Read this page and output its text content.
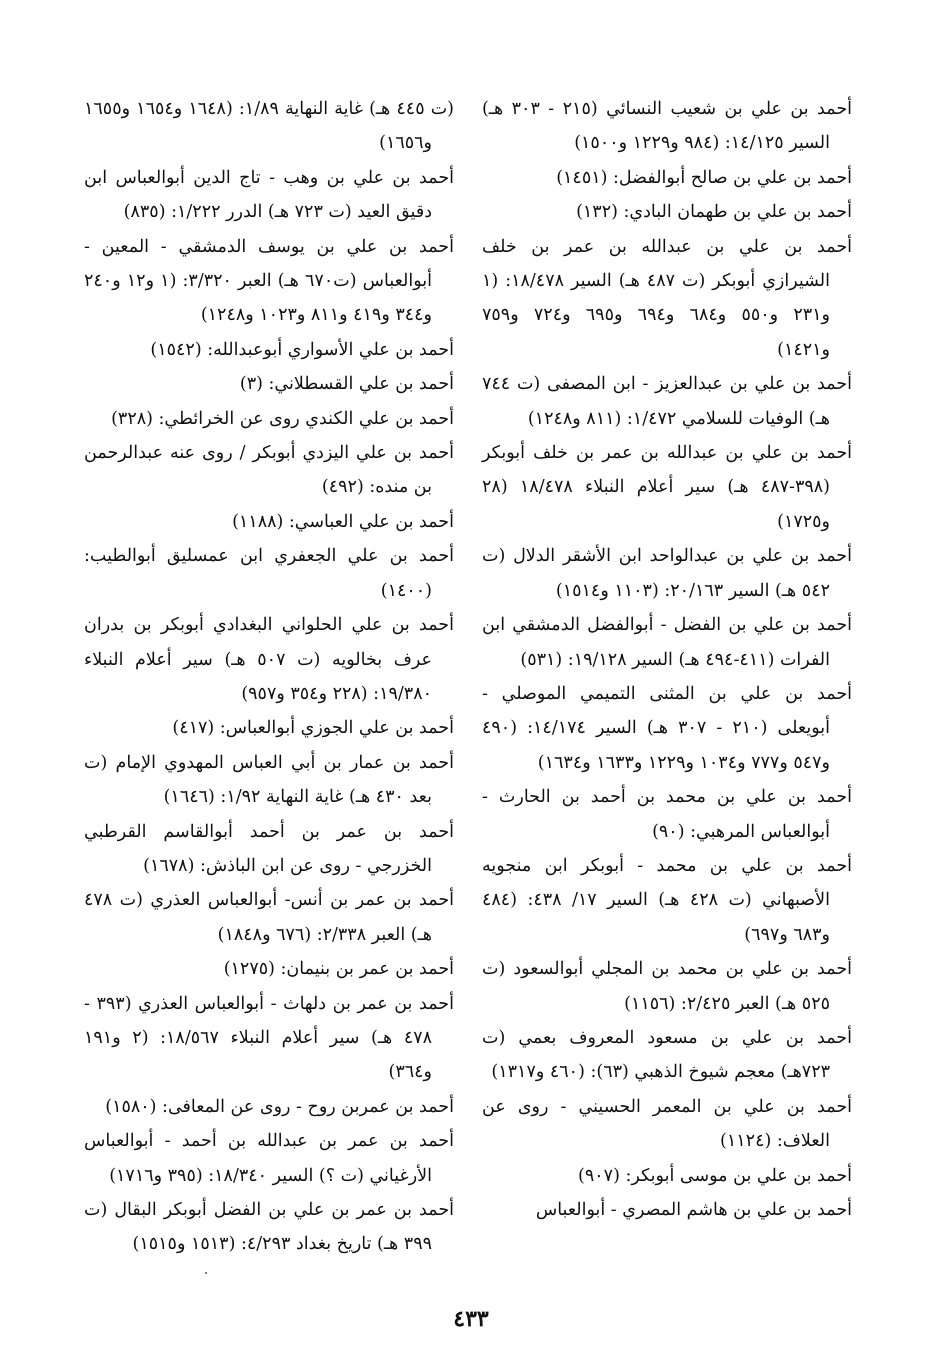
أحمد بن علي بن شعيب النسائي (٢١٥ - ٣٠٣ هـ) السير ١٤/١٢٥: (٩٨٤ و١٢٢٩ و١٥٠٠)

أحمد بن علي بن صالح أبوالفضل: (١٤٥١)

أحمد بن علي بن طهمان البادي: (١٣٢)

أحمد بن علي بن عبدالله بن عمر بن خلف الشيرازي أبوبكر (ت ٤٨٧ هـ) السير ١٨/٤٧٨: (١ و٢٣١ و٥٥٠ و٦٨٤ و٦٩٤ و٦٩٥ و٧٢٤ و٧٥٩ و١٤٢١)

أحمد بن علي بن عبدالعزيز - ابن المصفى (ت ٧٤٤ هـ) الوفيات للسلامي ١/٤٧٢: (٨١١ و١٢٤٨)

أحمد بن علي بن عبدالله بن عمر بن خلف أبوبكر (٣٩٨-٤٨٧ هـ) سير أعلام النبلاء ١٨/٤٧٨ (٢٨ و١٧٢٥)

أحمد بن علي بن عبدالواحد ابن الأشقر الدلال (ت ٥٤٢ هـ) السير ٢٠/١٦٣: (١١٠٣ و١٥١٤)

أحمد بن علي بن الفضل - أبوالفضل الدمشقي ابن الفرات (٤١١-٤٩٤ هـ) السير ١٩/١٢٨: (٥٣١)

أحمد بن علي بن المثنى التميمي الموصلي - أبويعلى (٢١٠ - ٣٠٧ هـ) السير ١٤/١٧٤: (٤٩٠ و٥٤٧ و٧٧٧ و١٠٣٤ و١٢٢٩ و١٦٣٣ و١٦٣٤)

أحمد بن علي بن محمد بن أحمد بن الحارث - أبوالعباس المرهبي: (٩٠)

أحمد بن علي بن محمد - أبوبكر ابن منجويه الأصبهاني (ت ٤٢٨ هـ) السير ١٧/ ٤٣٨: (٤٨٤ و٦٨٣ و٦٩٧)

أحمد بن علي بن محمد بن المجلي أبوالسعود (ت ٥٢٥ هـ) العبر ٢/٤٢٥: (١١٥٦)

أحمد بن علي بن مسعود المعروف بعمي (ت ٧٢٣هـ) معجم شيوخ الذهبي (٦٣): (٤٦٠ و١٣١٧)

أحمد بن علي بن المعمر الحسيني - روى عن العلاف: (١١٢٤)

أحمد بن علي بن موسى أبوبكر: (٩٠٧)

أحمد بن علي بن هاشم المصري - أبوالعباس

(ت ٤٤٥ هـ) غاية النهاية ١/٨٩: (١٦٤٨ و١٦٥٤ و١٦٥٥ و١٦٥٦)

أحمد بن علي بن وهب - تاج الدين أبوالعباس ابن دقيق العيد (ت ٧٢٣ هـ) الدرر ١/٢٢٢: (٨٣٥)

أحمد بن علي بن يوسف الدمشقي - المعين - أبوالعباس (ت٦٧٠ هـ) العبر ٣/٣٢٠: (١ و١٢ و٢٤٠ و٣٤٤ و٤١٩ و٨١١ و١٠٢٣ و١٢٤٨)

أحمد بن علي الأسواري أبوعبدالله: (١٥٤٢)

أحمد بن علي القسطلاني: (٣)

أحمد بن علي الكندي روى عن الخرائطي: (٣٢٨)

أحمد بن علي اليزدي أبوبكر / روى عنه عبدالرحمن بن منده: (٤٩٢)

أحمد بن علي العباسي: (١١٨٨)

أحمد بن علي الجعفري ابن عمسليق أبوالطيب: (١٤٠٠)

أحمد بن علي الحلواني البغدادي أبوبكر بن بدران عرف بخالويه (ت ٥٠٧ هـ) سير أعلام النبلاء ١٩/٣٨٠: (٢٢٨ و٣٥٤ و٩٥٧)

أحمد بن علي الجوزي أبوالعباس: (٤١٧)

أحمد بن عمار بن أبي العباس المهدوي الإمام (ت بعد ٤٣٠ هـ) غاية النهاية ١/٩٢: (١٦٤٦)

أحمد بن عمر بن أحمد أبوالقاسم القرطبي الخزرجي - روى عن ابن الباذش: (١٦٧٨)

أحمد بن عمر بن أنس- أبوالعباس العذري (ت ٤٧٨ هـ) العبر ٢/٣٣٨: (٦٧٦ و١٨٤٨)

أحمد بن عمر بن بنيمان: (١٢٧٥)

أحمد بن عمر بن دلهاث - أبوالعباس العذري (٣٩٣ - ٤٧٨ هـ) سير أعلام النبلاء ١٨/٥٦٧: (٢ و١٩١ و٣٦٤)

أحمد بن عمربن روح - روى عن المعافى: (١٥٨٠)

أحمد بن عمر بن عبدالله بن أحمد - أبوالعباس الأرغياني (ت ؟) السير ١٨/٣٤٠: (٣٩٥ و١٧١٦)

أحمد بن عمر بن علي بن الفضل أبوبكر البقال (ت ٣٩٩ هـ) تاريخ بغداد ٤/٢٩٣: (١٥١٣ و١٥١٥)

٤٣٣
